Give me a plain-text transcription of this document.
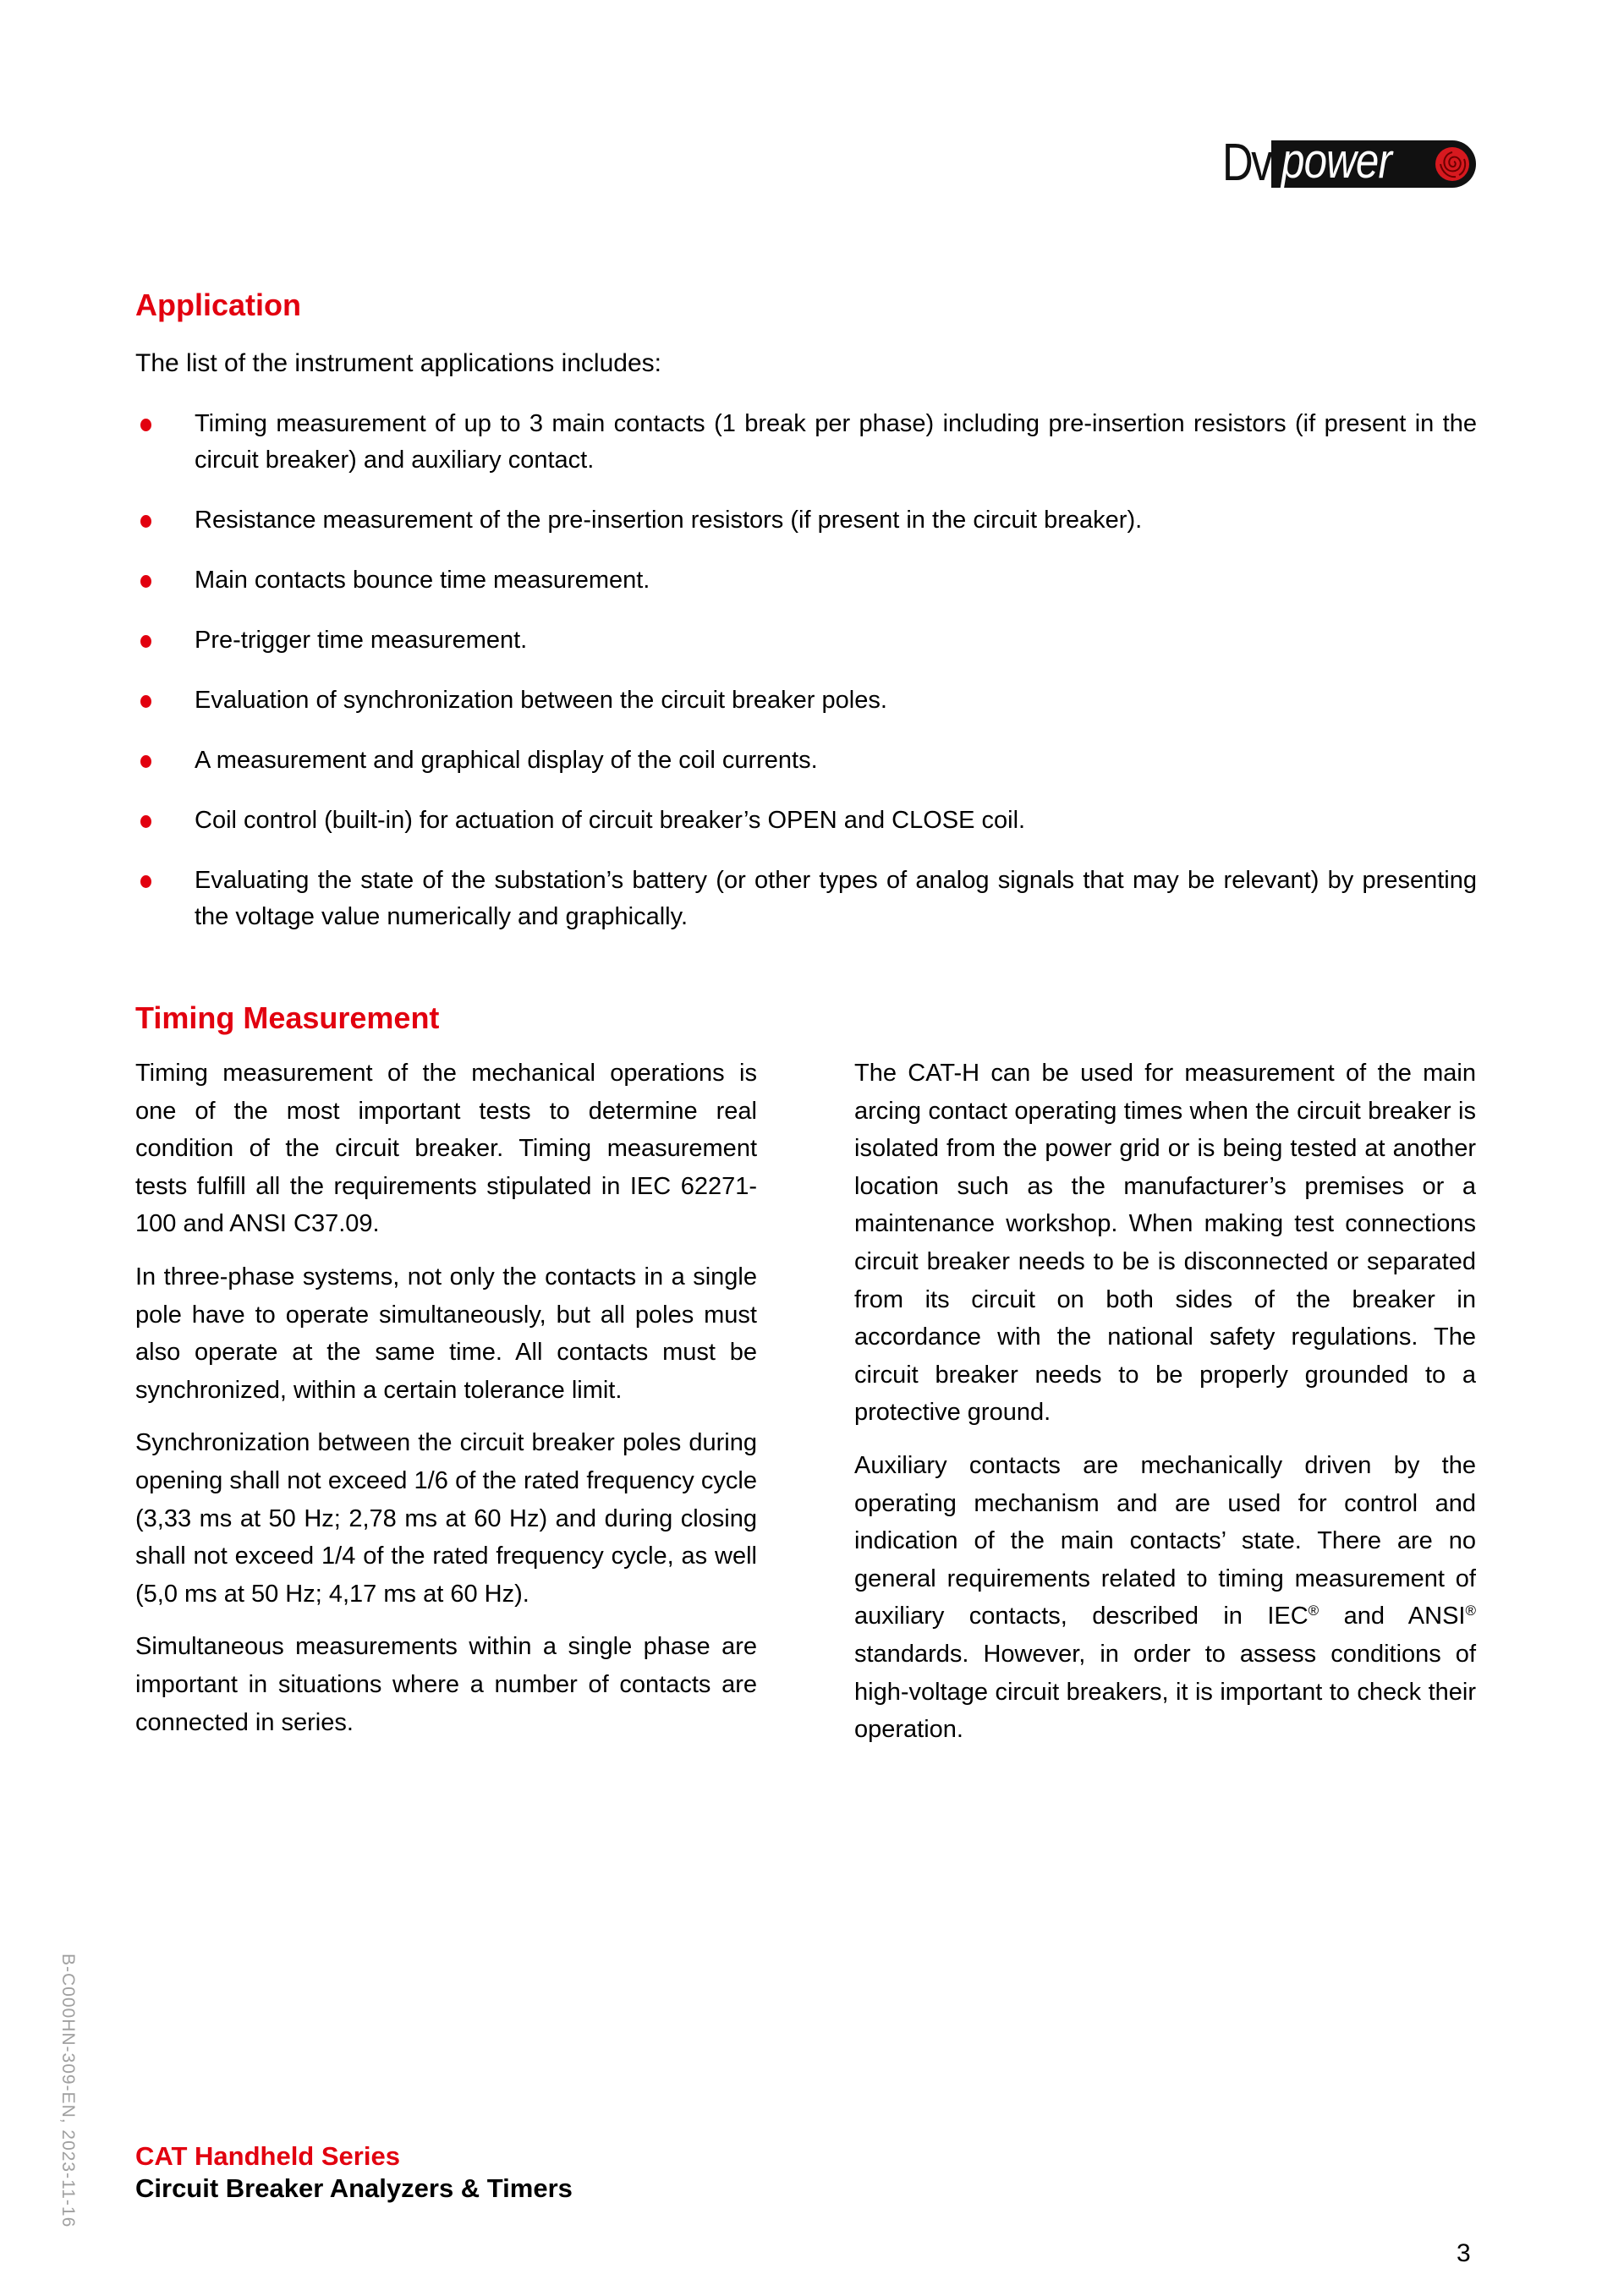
Dv power
Application
The list of the instrument applications includes:
Timing measurement of up to 3 main contacts (1 break per phase) including pre-insertion resistors (if present in the circuit breaker) and auxiliary contact.
Resistance measurement of the pre-insertion resistors (if present in the circuit breaker).
Main contacts bounce time measurement.
Pre-trigger time measurement.
Evaluation of synchronization between the circuit breaker poles.
A measurement and graphical display of the coil currents.
Coil control (built-in) for actuation of circuit breaker’s OPEN and CLOSE coil.
Evaluating the state of the substation’s battery (or other types of analog signals that may be relevant) by presenting the voltage value numerically and graphically.
Timing Measurement

Timing measurement of the mechanical operations is one of the most important tests to determine real condition of the circuit breaker. Timing measurement tests fulfill all the requirements stipulated in IEC 62271-100 and ANSI C37.09.

In three-phase systems, not only the contacts in a single pole have to operate simultaneously, but all poles must also operate at the same time. All contacts must be synchronized, within a certain tolerance limit.

Synchronization between the circuit breaker poles during opening shall not exceed 1/6 of the rated frequency cycle (3,33 ms at 50 Hz; 2,78 ms at 60 Hz) and during closing shall not exceed 1/4 of the rated frequency cycle, as well (5,0 ms at 50 Hz; 4,17 ms at 60 Hz).

Simultaneous measurements within a single phase are important in situations where a number of contacts are connected in series.

The CAT-H can be used for measurement of the main arcing contact operating times when the circuit breaker is isolated from the power grid or is being tested at another location such as the manufacturer’s premises or a maintenance workshop. When making test connections circuit breaker needs to be is disconnected or separated from its circuit on both sides of the breaker in accordance with the national safety regulations. The circuit breaker needs to be properly grounded to a protective ground.

Auxiliary contacts are mechanically driven by the operating mechanism and are used for control and indication of the main contacts’ state. There are no general requirements related to timing measurement of auxiliary contacts, described in IEC® and ANSI® standards. However, in order to assess conditions of high-voltage circuit breakers, it is important to check their operation.

B-C000HN-309-EN, 2023-11-16 CAT Handheld Series
Circuit Breaker Analyzers & Timers
3
